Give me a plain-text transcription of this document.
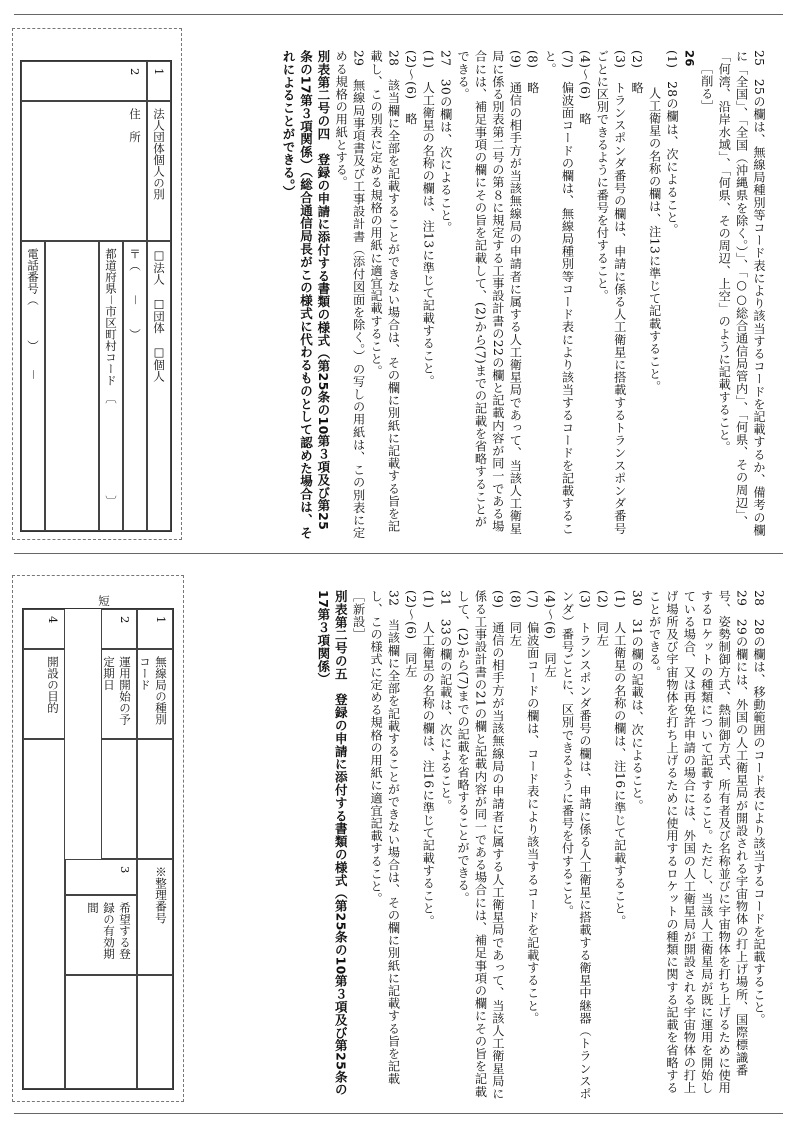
25　25の欄は、無線局種別等コード表により該当するコードを記載するか、備考の欄に「全国」、「全国（沖縄県を除く。）」、「○○総合通信局管内」、「何県、その周辺」、「何湾、沿岸水域」、「何県、その周辺、上空」のように記載すること。

［削る］

26

(1)　28の欄は、次によること。

　人工衛星の名称の欄は、注13に準じて記載すること。

(2)　略

(3)　トランスポンダ番号の欄は、申請に係る人工衛星に搭載するトランスポンダ番号ごとに区別できるように番号を付すること。

(4)～(6)　略

(7)　偏波面コードの欄は、無線局種別等コード表により該当するコードを記載すること。

(8)　略

(9)　通信の相手方が当該無線局の申請者に属する人工衛星局であって、当該人工衛星局に係る別表第二号の第８に規定する工事設計書の22の欄と記載内容が同一である場合には、補足事項の欄にその旨を記載して、(2)から(7)までの記載を省略することができる。

27　30の欄は、次によること。

(1)　人工衛星の名称の欄は、注13に準じて記載すること。

(2)～(6)　略

28　該当欄に全部を記載することができない場合は、その欄に別紙に記載する旨を記載し、この別表に定める規格の用紙に適宜記載すること。

29　無線局事項書及び工事設計書（添付図面を除く。）の写しの用紙は、この別表に定める規格の用紙とする。

別表第二号の四　登録の申請に添付する書類の様式（第25条の10第３項及び第25条の17第３項関係）（総合通信局長がこの様式に代わるものとして認めた場合は、それによることができる。）

1
法人団体個人の別
□法人　□団体　□個人
2
住　所
〒（　　－　　）
都道府県－市区町村コード　〔　　　　　　　　〕
電話番号（　　　）　　－

28　28の欄は、移動範囲のコード表により該当するコードを記載すること。

29　29の欄には、外国の人工衛星局が開設される宇宙物体の打上げ場所、国際標識番号、姿勢制御方式、熱制御方式、所有者及び名称並びに宇宙物体を打ち上げるために使用するロケットの種類について記載すること。ただし、当該人工衛星局が既に運用を開始している場合、又は再免許申請の場合には、外国の人工衛星局が開設される宇宙物体の打上げ場所及び宇宙物体を打ち上げるために使用するロケットの種類に関する記載を省略することができる。

30　31の欄の記載は、次によること。

(1)　人工衛星の名称の欄は、注16に準じて記載すること。

(2)　同左

(3)　トランスポンダ番号の欄は、申請に係る人工衛星に搭載する衛星中継器（トランスポンダ）番号ごとに、区別できるように番号を付すること。

(4)～(6)　同左

(7)　偏波面コードの欄は、コード表により該当するコードを記載すること。

(8)　同左

(9)　通信の相手方が当該無線局の申請者に属する人工衛星局であって、当該人工衛星局に係る工事設計書の21の欄と記載内容が同一である場合には、補足事項の欄にその旨を記載して、(2)から(7)までの記載を省略することができる。

31　33の欄の記載は、次によること。

(1)　人工衛星の名称の欄は、注16に準じて記載すること。

(2)～(6)　同左

32　当該欄に全部を記載することができない場合は、その欄に別紙に記載する旨を記載し、この様式に定める規格の用紙に適宜記載すること。

［新設］

別表第二号の五　登録の申請に添付する書類の様式（第25条の10第３項及び第25条の17第３項関係）

短
1
無線局の種別コード
2
運用開始の予定期日
3
希望する登録の有効期間	※整理番号
4
開設の目的
